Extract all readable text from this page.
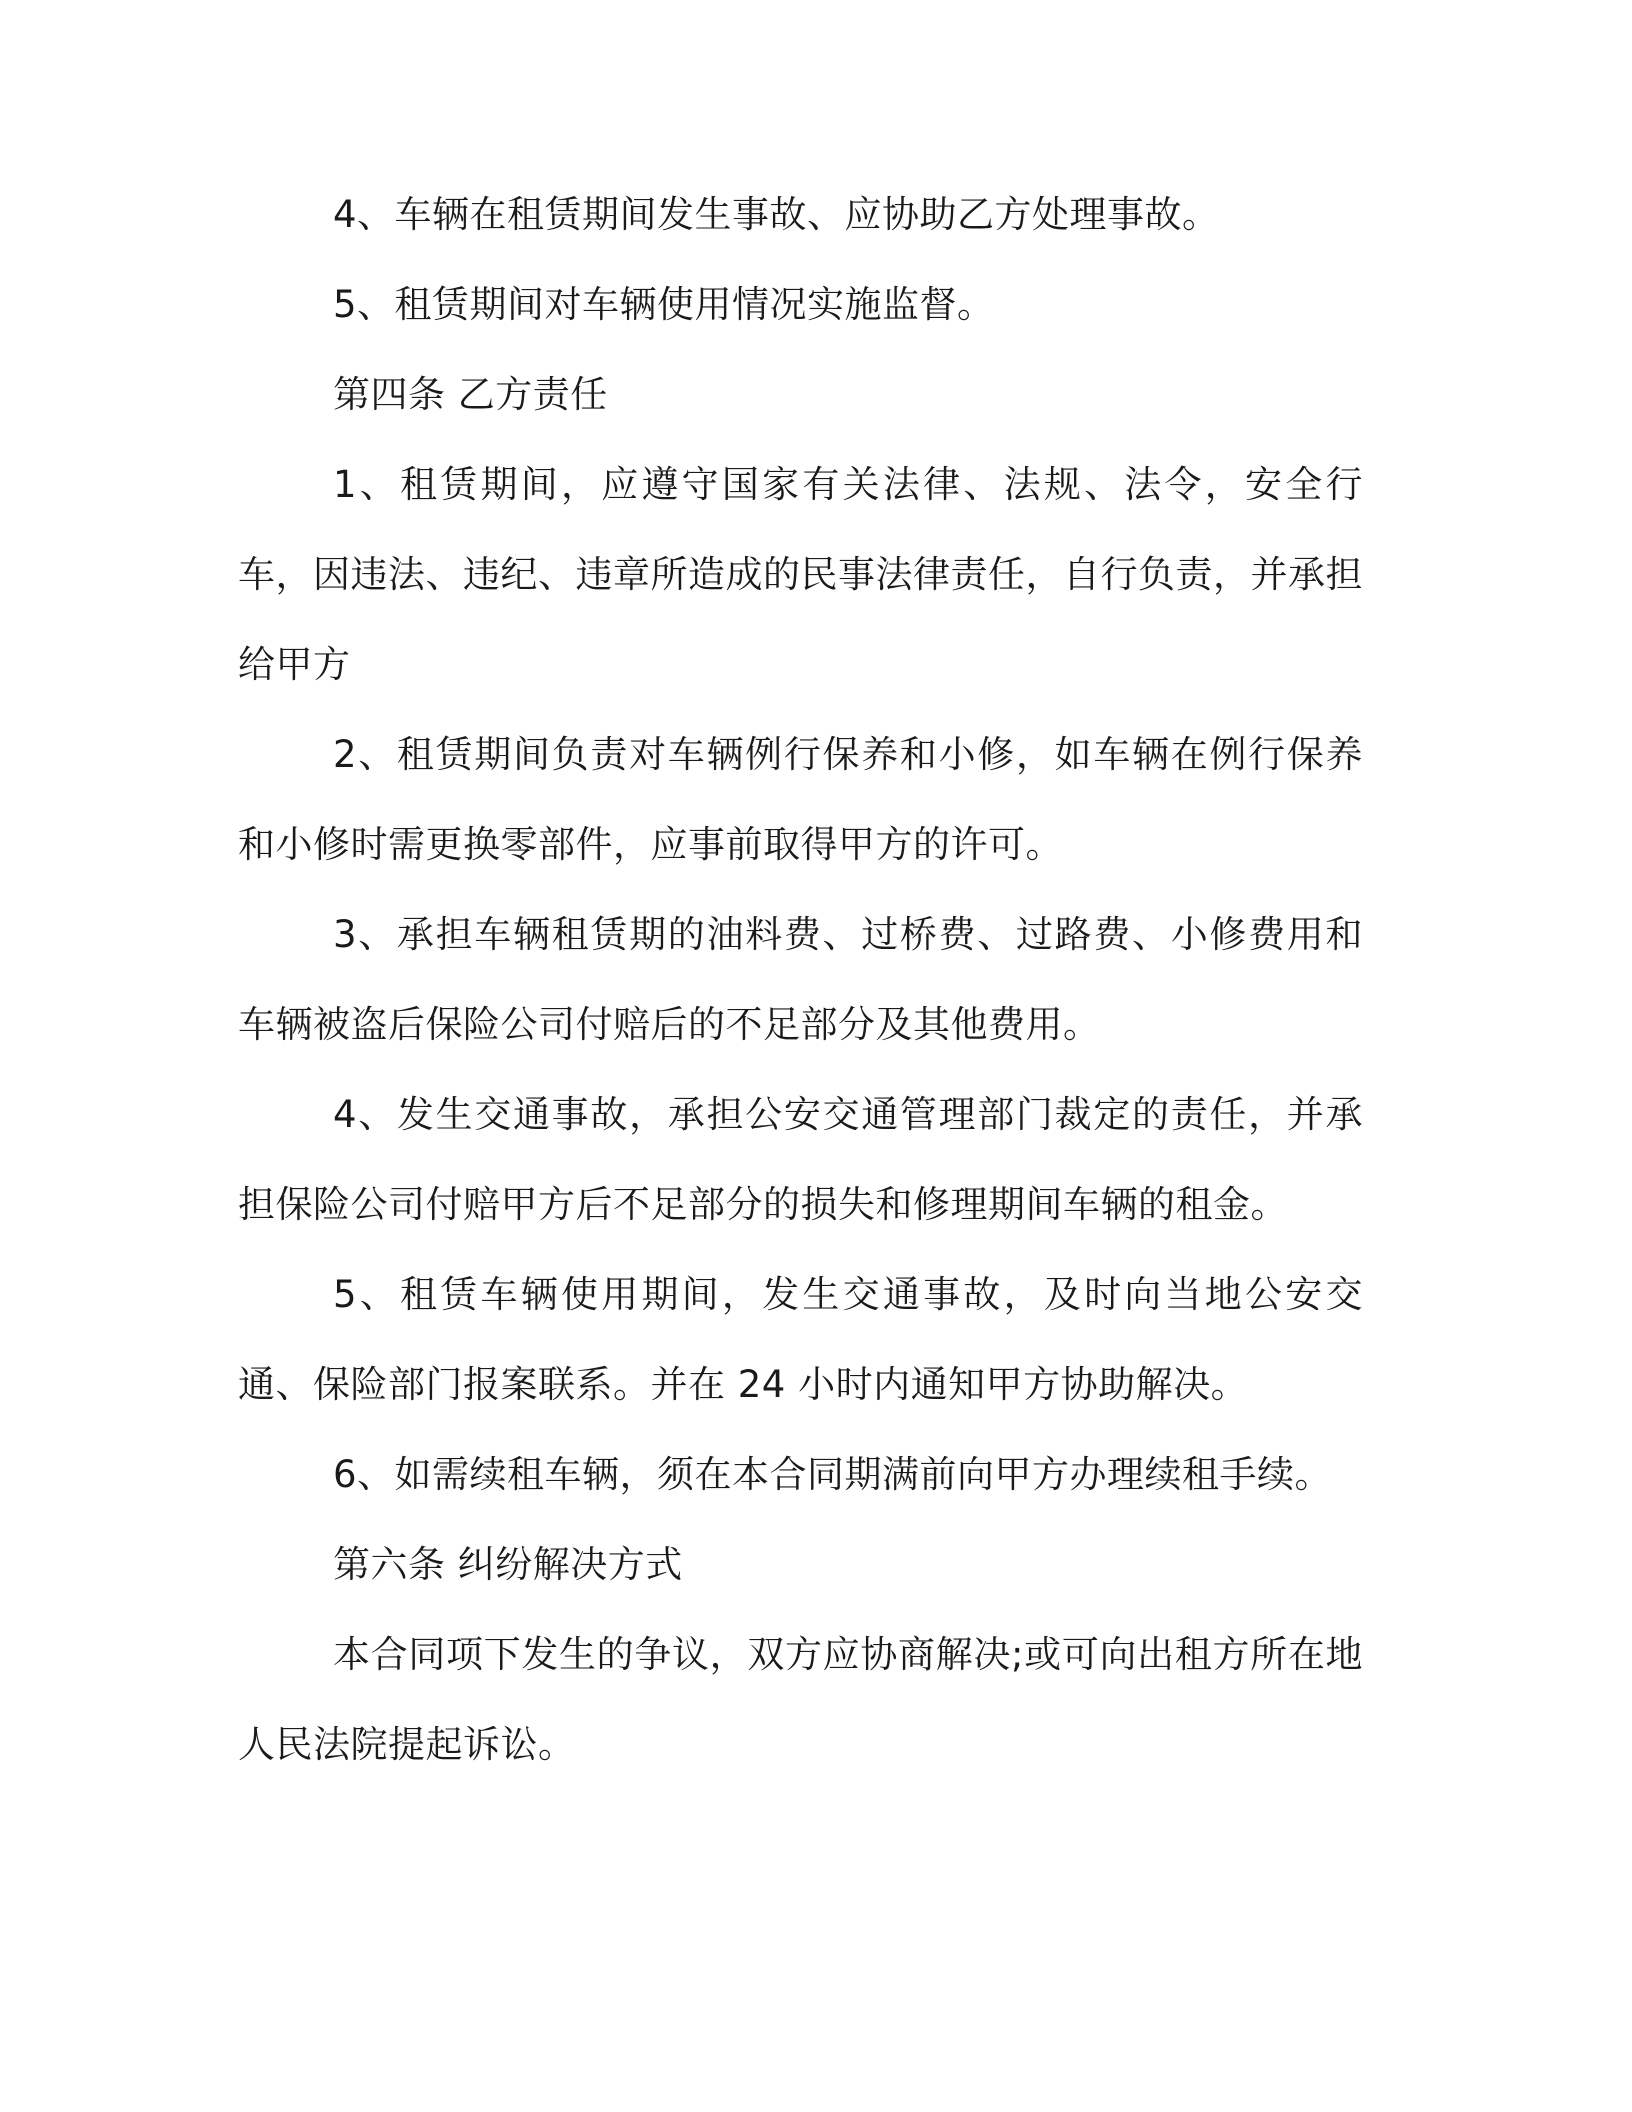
4、车辆在租赁期间发生事故、应协助乙方处理事故。

5、租赁期间对车辆使用情况实施监督。

第四条 乙方责任

1、租赁期间，应遵守国家有关法律、法规、法令，安全行车，因违法、违纪、违章所造成的民事法律责任，自行负责，并承担给甲方

2、租赁期间负责对车辆例行保养和小修，如车辆在例行保养和小修时需更换零部件，应事前取得甲方的许可。

3、承担车辆租赁期的油料费、过桥费、过路费、小修费用和车辆被盗后保险公司付赔后的不足部分及其他费用。

4、发生交通事故，承担公安交通管理部门裁定的责任，并承担保险公司付赔甲方后不足部分的损失和修理期间车辆的租金。

5、租赁车辆使用期间，发生交通事故，及时向当地公安交通、保险部门报案联系。并在 24 小时内通知甲方协助解决。

6、如需续租车辆，须在本合同期满前向甲方办理续租手续。

第六条 纠纷解决方式

本合同项下发生的争议，双方应协商解决;或可向出租方所在地人民法院提起诉讼。
